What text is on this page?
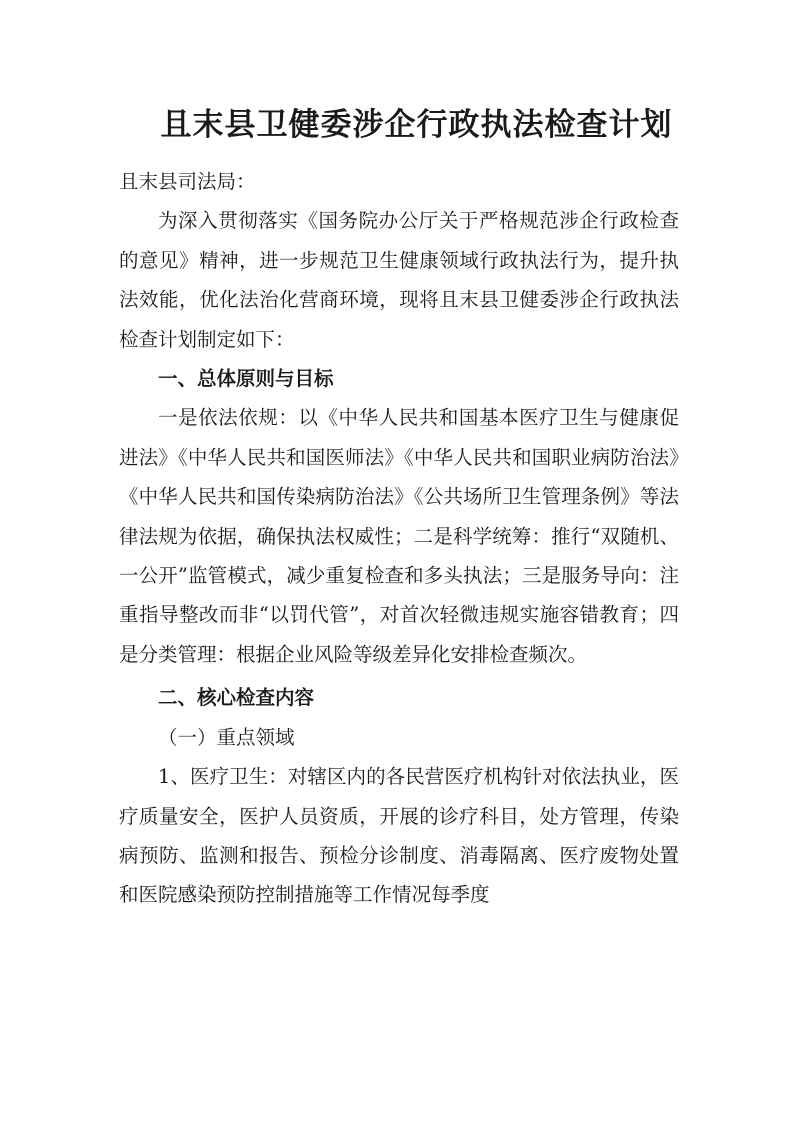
且末县卫健委涉企行政执法检查计划

且末县司法局：

为深入贯彻落实《国务院办公厅关于严格规范涉企行政检查的意见》精神，进一步规范卫生健康领域行政执法行为，提升执法效能，优化法治化营商环境，现将且末县卫健委涉企行政执法检查计划制定如下：

一、总体原则与目标

一是依法依规：以《中华人民共和国基本医疗卫生与健康促进法》《中华人民共和国医师法》《中华人民共和国职业病防治法》《中华人民共和国传染病防治法》《公共场所卫生管理条例》等法律法规为依据，确保执法权威性；二是科学统筹：推行“双随机、一公开”监管模式，减少重复检查和多头执法；三是服务导向：注重指导整改而非“以罚代管”，对首次轻微违规实施容错教育；四是分类管理：根据企业风险等级差异化安排检查频次。

二、核心检查内容

（一）重点领域

1、医疗卫生：对辖区内的各民营医疗机构针对依法执业，医疗质量安全，医护人员资质，开展的诊疗科目，处方管理，传染病预防、监测和报告、预检分诊制度、消毒隔离、医疗废物处置和医院感染预防控制措施等工作情况每季度
